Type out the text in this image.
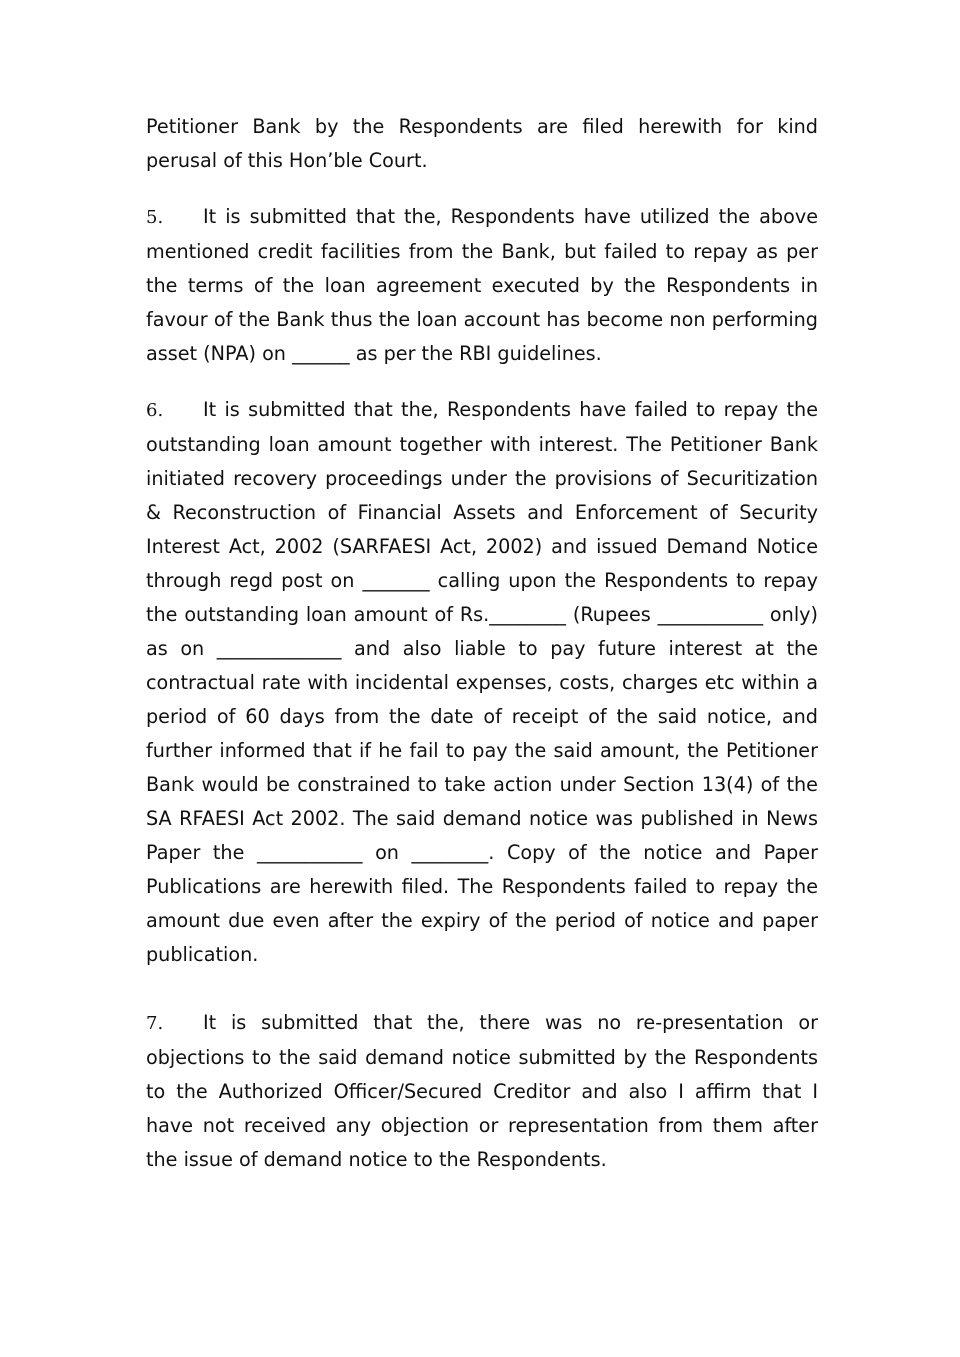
Petitioner Bank by the Respondents are filed herewith for kind perusal of this Hon’ble Court.

5. It is submitted that the, Respondents have utilized the above mentioned credit facilities from the Bank, but failed to repay as per the terms of the loan agreement executed by the Respondents in favour of the Bank thus the loan account has become non performing asset (NPA) on ______ as per the RBI guidelines.

6. It is submitted that the, Respondents have failed to repay the outstanding loan amount together with interest. The Petitioner Bank initiated recovery proceedings under the provisions of Securitization & Reconstruction of Financial Assets and Enforcement of Security Interest Act, 2002 (SARFAESI Act, 2002) and issued Demand Notice through regd post on _______ calling upon the Respondents to repay the outstanding loan amount of Rs.________ (Rupees ___________ only) as on _____________ and also liable to pay future interest at the contractual rate with incidental expenses, costs, charges etc within a period of 60 days from the date of receipt of the said notice, and further informed that if he fail to pay the said amount, the Petitioner Bank would be constrained to take action under Section 13(4) of the SA RFAESI Act 2002. The said demand notice was published in News Paper the ___________ on ________. Copy of the notice and Paper Publications are herewith filed. The Respondents failed to repay the amount due even after the expiry of the period of notice and paper publication.

7. It is submitted that the, there was no re-presentation or objections to the said demand notice submitted by the Respondents to the Authorized Officer/Secured Creditor and also I affirm that I have not received any objection or representation from them after the issue of demand notice to the Respondents.
